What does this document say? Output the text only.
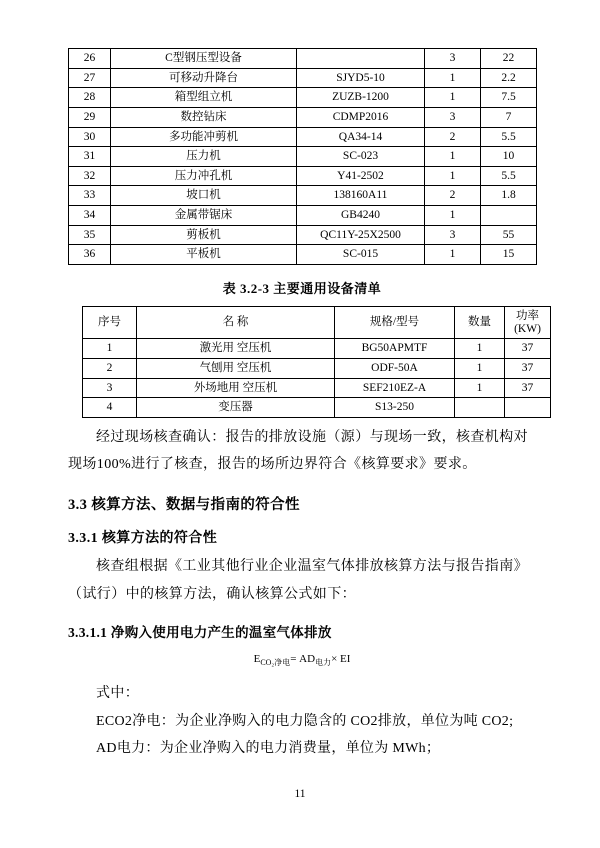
26	C型钢压型设备		3	22
27	可移动升降台	SJYD5-10	1	2.2
28	箱型组立机	ZUZB-1200	1	7.5
29	数控钻床	CDMP2016	3	7
30	多功能冲剪机	QA34-14	2	5.5
31	压力机	SC-023	1	10
32	压力冲孔机	Y41-2502	1	5.5
33	坡口机	138160A11	2	1.8
34	金属带锯床	GB4240	1	
35	剪板机	QC11Y-25X2500	3	55
36	平板机	SC-015	1	15
表 3.2-3 主要通用设备清单
序号	名 称	规格/型号	数量	功率
(KW)
1	激光用 空压机	BG50APMTF	1	37
2	气刨用 空压机	ODF-50A	1	37
3	外场地用 空压机	SEF210EZ-A	1	37
4	变压器	S13-250		

经过现场核查确认：报告的排放设施（源）与现场一致，核查机构对

现场100%进行了核查，报告的场所边界符合《核算要求》要求。

3.3 核算方法、数据与指南的符合性
3.3.1 核算方法的符合性

核查组根据《工业其他行业企业温室气体排放核算方法与报告指南》

（试行）中的核算方法，确认核算公式如下：

3.3.1.1 净购入使用电力产生的温室气体排放
$E_{CO_2净电}= AD_{电力}\times$ EI

式中：

ECO2净电：为企业净购入的电力隐含的 CO2排放，单位为吨 CO2;

AD电力：为企业净购入的电力消费量，单位为 MWh；

11
